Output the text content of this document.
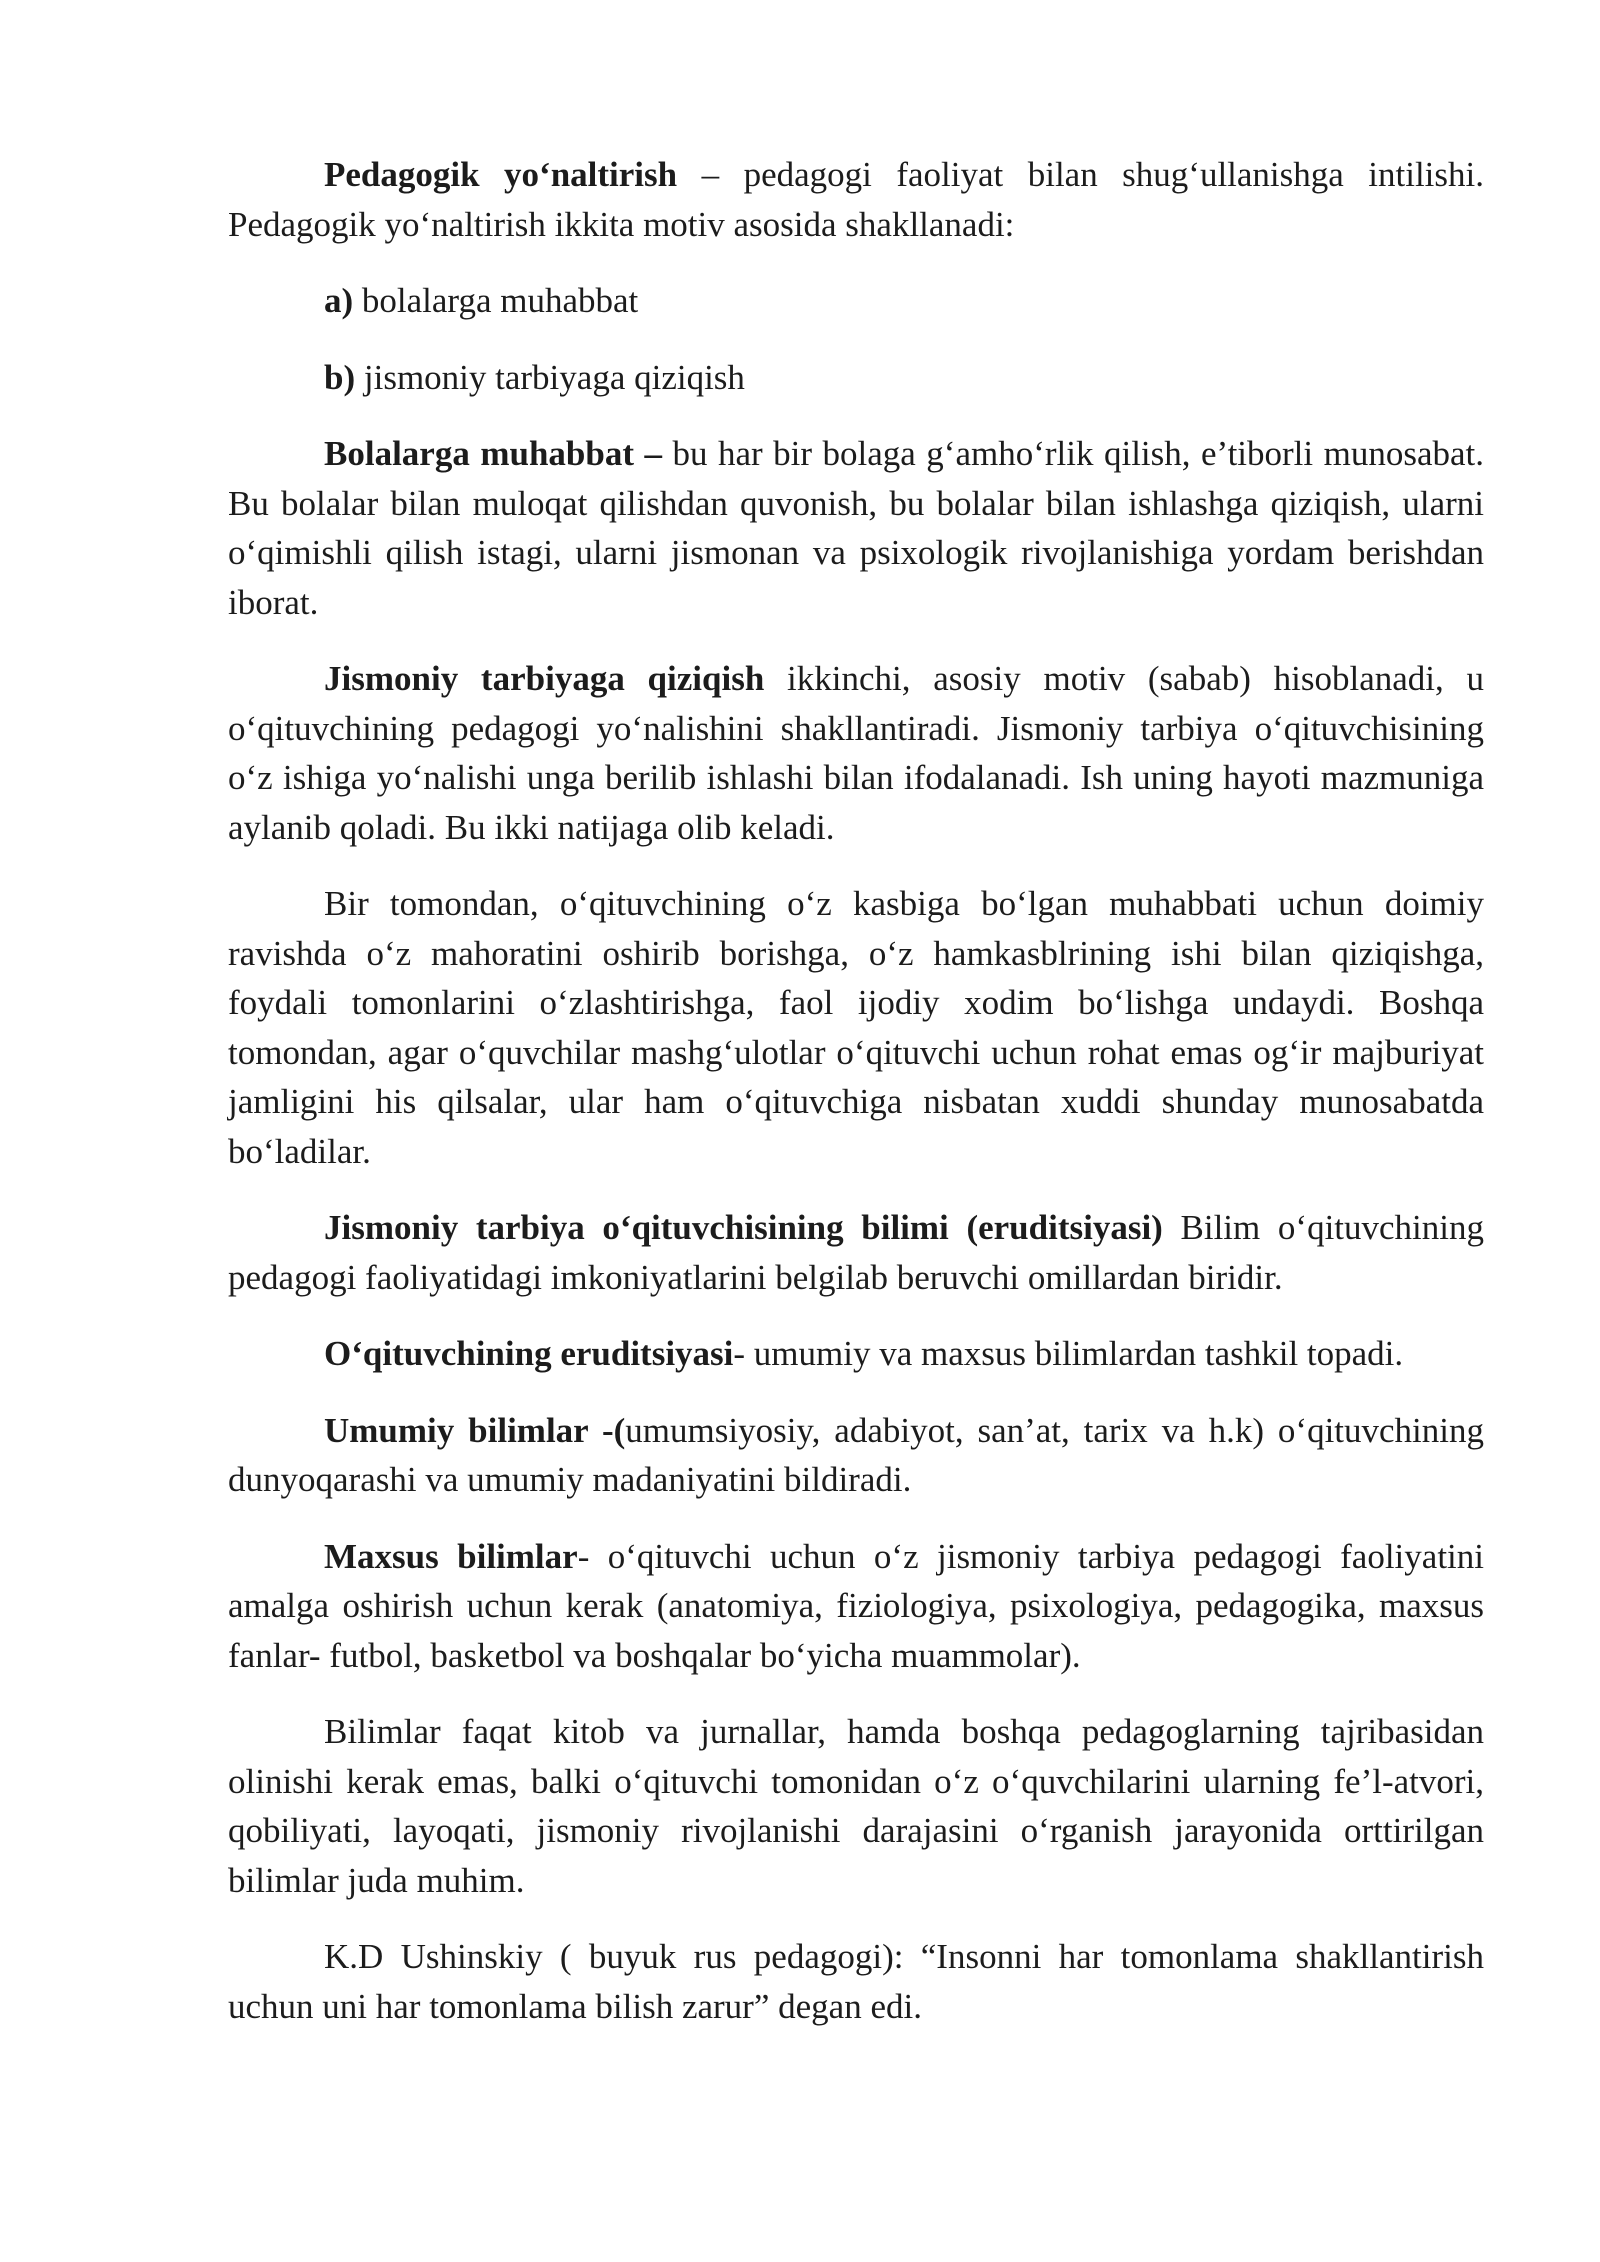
Pedagogik yo‘naltirish – pedagogi faoliyat bilan shug‘ullanishga intilishi. Pedagogik yo‘naltirish ikkita motiv asosida shakllanadi:

a) bolalarga muhabbat

b) jismoniy tarbiyaga qiziqish

Bolalarga muhabbat – bu har bir bolaga g‘amho‘rlik qilish, e’tiborli munosabat. Bu bolalar bilan muloqat qilishdan quvonish, bu bolalar bilan ishlashga qiziqish, ularni o‘qimishli qilish istagi, ularni jismonan va psixologik rivojlanishiga yordam berishdan iborat.

Jismoniy tarbiyaga qiziqish ikkinchi, asosiy motiv (sabab) hisoblanadi, u o‘qituvchining pedagogi yo‘nalishini shakllantiradi. Jismoniy tarbiya o‘qituvchisining o‘z ishiga yo‘nalishi unga berilib ishlashi bilan ifodalanadi. Ish uning hayoti mazmuniga aylanib qoladi. Bu ikki natijaga olib keladi.

Bir tomondan, o‘qituvchining o‘z kasbiga bo‘lgan muhabbati uchun doimiy ravishda o‘z mahoratini oshirib borishga, o‘z hamkasblrining ishi bilan qiziqishga, foydali tomonlarini o‘zlashtirishga, faol ijodiy xodim bo‘lishga undaydi. Boshqa tomondan, agar o‘quvchilar mashg‘ulotlar o‘qituvchi uchun rohat emas og‘ir majburiyat jamligini his qilsalar, ular ham o‘qituvchiga nisbatan xuddi shunday munosabatda bo‘ladilar.

Jismoniy tarbiya o‘qituvchisining bilimi (eruditsiyasi) Bilim o‘qituvchining pedagogi faoliyatidagi imkoniyatlarini belgilab beruvchi omillardan biridir.

O‘qituvchining eruditsiyasi- umumiy va maxsus bilimlardan tashkil topadi.

Umumiy bilimlar -(umumsiyosiy, adabiyot, san’at, tarix va h.k) o‘qituvchining dunyoqarashi va umumiy madaniyatini bildiradi.

Maxsus bilimlar- o‘qituvchi uchun o‘z jismoniy tarbiya pedagogi faoliyatini amalga oshirish uchun kerak (anatomiya, fiziologiya, psixologiya, pedagogika, maxsus fanlar- futbol, basketbol va boshqalar bo‘yicha muammolar).

Bilimlar faqat kitob va jurnallar, hamda boshqa pedagoglarning tajribasidan olinishi kerak emas, balki o‘qituvchi tomonidan o‘z o‘quvchilarini ularning fe’l-atvori, qobiliyati, layoqati, jismoniy rivojlanishi darajasini o‘rganish jarayonida orttirilgan bilimlar juda muhim.

K.D Ushinskiy ( buyuk rus pedagogi): “Insonni har tomonlama shakllantirish uchun uni har tomonlama bilish zarur” degan edi.
